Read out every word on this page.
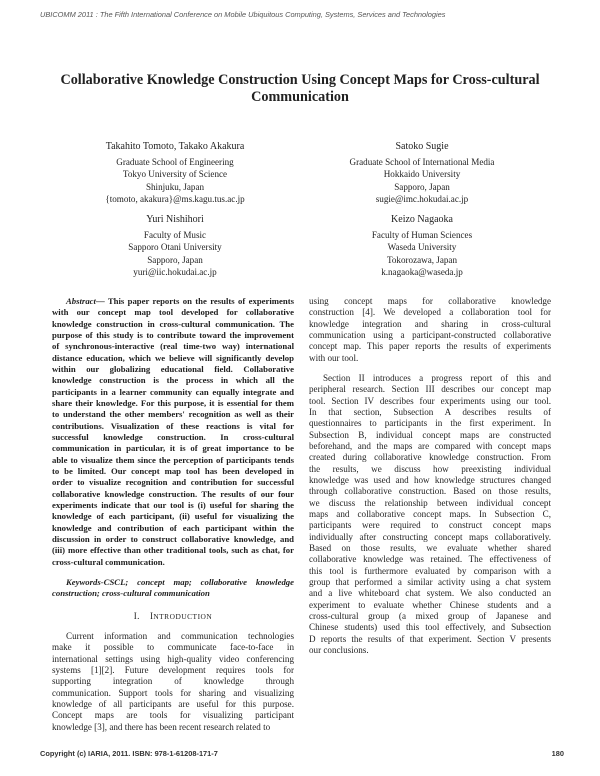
UBICOMM 2011 : The Fifth International Conference on Mobile Ubiquitous Computing, Systems, Services and Technologies
Collaborative Knowledge Construction Using Concept Maps for Cross-cultural
Communication
Takahito Tomoto, Takako Akakura
Graduate School of Engineering
Tokyo University of Science
Shinjuku, Japan
{tomoto, akakura}@ms.kagu.tus.ac.jp
Satoko Sugie
Graduate School of International Media
Hokkaido University
Sapporo, Japan
sugie@imc.hokudai.ac.jp
Yuri Nishihori
Faculty of Music
Sapporo Otani University
Sapporo, Japan
yuri@iic.hokudai.ac.jp
Keizo Nagaoka
Faculty of Human Sciences
Waseda University
Tokorozawa, Japan
k.nagaoka@waseda.jp
Abstract— This paper reports on the results of experiments
with our concept map tool developed for collaborative
knowledge construction in cross-cultural communication. The
purpose of this study is to contribute toward the improvement
of synchronous-interactive (real time-two way) international
distance education, which we believe will significantly develop
within our globalizing educational field. Collaborative
knowledge construction is the process in which all the
participants in a learner community can equally integrate and
share their knowledge. For this purpose, it is essential for them
to understand the other members' recognition as well as their
contributions. Visualization of these reactions is vital for
successful knowledge construction. In cross-cultural
communication in particular, it is of great importance to be
able to visualize them since the perception of participants tends
to be limited. Our concept map tool has been developed in
order to visualize recognition and contribution for successful
collaborative knowledge construction. The results of our four
experiments indicate that our tool is (i) useful for sharing the
knowledge of each participant, (ii) useful for visualizing the
knowledge and contribution of each participant within the
discussion in order to construct collaborative knowledge, and
(iii) more effective than other traditional tools, such as chat, for
cross-cultural communication.
Keywords-CSCL; concept map; collaborative knowledge
construction; cross-cultural communication
I. INTRODUCTION
Current information and communication technologies
make it possible to communicate face-to-face in
international settings using high-quality video conferencing
systems [1][2]. Future development requires tools for
supporting integration of knowledge through
communication. Support tools for sharing and visualizing
knowledge of all participants are useful for this purpose.
Concept maps are tools for visualizing participant
knowledge [3], and there has been recent research related to
using concept maps for collaborative knowledge
construction [4]. We developed a collaboration tool for
knowledge integration and sharing in cross-cultural
communication using a participant-constructed collaborative
concept map. This paper reports the results of experiments
with our tool.
Section II introduces a progress report of this and
peripheral research. Section III describes our concept map
tool. Section IV describes four experiments using our tool.
In that section, Subsection A describes results of
questionnaires to participants in the first experiment. In
Subsection B, individual concept maps are constructed
beforehand, and the maps are compared with concept maps
created during collaborative knowledge construction. From
the results, we discuss how preexisting individual
knowledge was used and how knowledge structures changed
through collaborative construction. Based on those results,
we discuss the relationship between individual concept
maps and collaborative concept maps. In Subsection C,
participants were required to construct concept maps
individually after constructing concept maps collaboratively.
Based on those results, we evaluate whether shared
collaborative knowledge was retained. The effectiveness of
this tool is furthermore evaluated by comparison with a
group that performed a similar activity using a chat system
and a live whiteboard chat system. We also conducted an
experiment to evaluate whether Chinese students and a
cross-cultural group (a mixed group of Japanese and
Chinese students) used this tool effectively, and Subsection
D reports the results of that experiment. Section V presents
our conclusions.
Copyright (c) IARIA, 2011. ISBN: 978-1-61208-171-7	180
